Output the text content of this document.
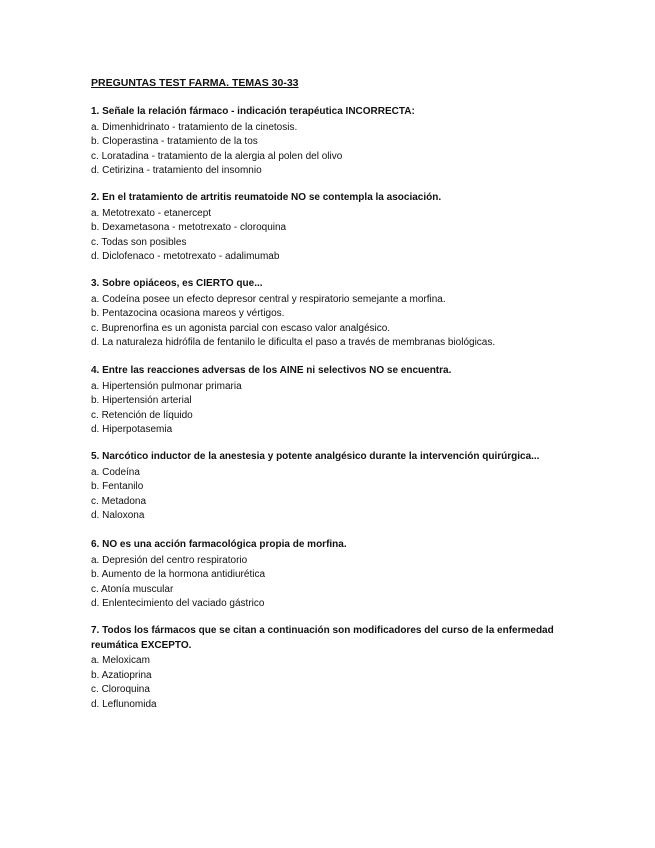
PREGUNTAS TEST FARMA. TEMAS 30-33
1. Señale la relación fármaco - indicación terapéutica INCORRECTA:
a. Dimenhidrinato - tratamiento de la cinetosis.
b. Cloperastina - tratamiento de la tos
c. Loratadina - tratamiento de la alergia al polen del olivo
d. Cetirizina - tratamiento del insomnio
2. En el tratamiento de artritis reumatoide NO se contempla la asociación.
a. Metotrexato - etanercept
b. Dexametasona - metotrexato - cloroquina
c. Todas son posibles
d. Diclofenaco - metotrexato - adalimumab
3. Sobre opiáceos, es CIERTO que...
a. Codeína posee un efecto depresor central y respiratorio semejante a morfina.
b. Pentazocina ocasiona mareos y vértigos.
c. Buprenorfina es un agonista parcial con escaso valor analgésico.
d. La naturaleza hidrófila de fentanilo le dificulta el paso a través de membranas biológicas.
4. Entre las reacciones adversas de los AINE ni selectivos NO se encuentra.
a. Hipertensión pulmonar primaria
b. Hipertensión arterial
c. Retención de líquido
d. Hiperpotasemia
5. Narcótico inductor de la anestesia y potente analgésico durante la intervención quirúrgica...
a. Codeína
b. Fentanilo
c. Metadona
d. Naloxona
6. NO es una acción farmacológica propia de morfina.
a. Depresión del centro respiratorio
b. Aumento de la hormona antidiurética
c. Atonía muscular
d. Enlentecimiento del vaciado gástrico
7. Todos los fármacos que se citan a continuación son modificadores del curso de la enfermedad reumática EXCEPTO.
a. Meloxicam
b. Azatioprina
c. Cloroquina
d. Leflunomida
